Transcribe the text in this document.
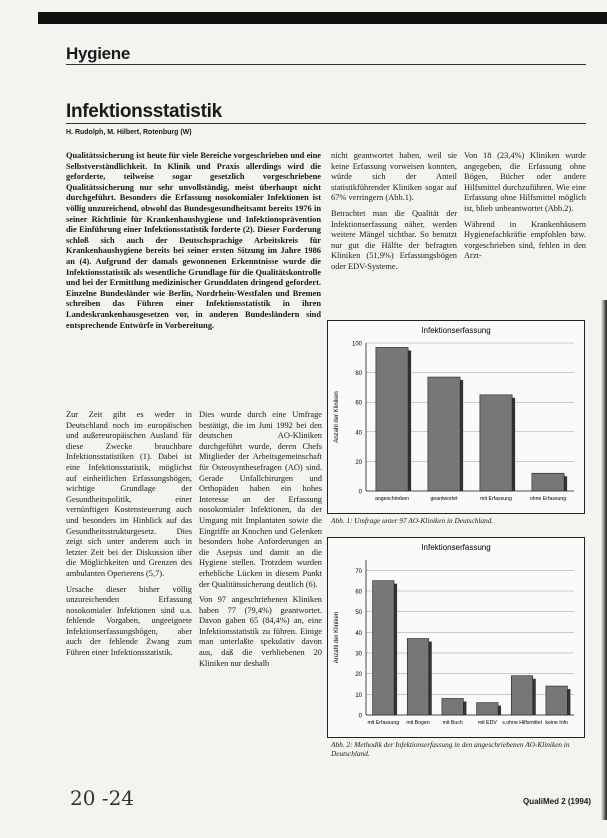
Hygiene
Infektionsstatistik
H. Rudolph, M. Hilbert, Rotenburg (W)
Qualitätssicherung ist heute für viele Bereiche vorgeschrieben und eine Selbstverständlichkeit. In Klinik und Praxis allerdings wird die geforderte, teilweise sogar gesetzlich vorgeschriebene Qualitätssicherung nur sehr unvollständig, meist überhaupt nicht durchgeführt. Besonders die Erfassung nosokomialer Infektionen ist völlig unzureichend, obwohl das Bundesgesundheitsamt bereits 1976 in seiner Richtlinie für Krankenhaushygiene und Infektionsprävention die Einführung einer Infektionsstatistik forderte (2). Dieser Forderung schloß sich auch der Deutschsprachige Arbeitskreis für Krankenhaushygiene bereits bei seiner ersten Sitzung im Jahre 1986 an (4). Aufgrund der damals gewonnenen Erkenntnisse wurde die Infektionsstatistik als wesentliche Grundlage für die Qualitätskontrolle und bei der Ermittlung medizinischer Grunddaten dringend gefordert. Einzelne Bundesländer wie Berlin, Nordrhein-Westfalen und Bremen schreiben das Führen einer Infektionsstatistik in ihren Landeskrankenhausgesetzen vor, in anderen Bundesländern sind entsprechende Entwürfe in Vorbereitung.

Zur Zeit gibt es weder in Deutschland noch im europäischen und außereuropäischen Ausland für diese Zwecke brauchbare Infektionsstatistiken (1). Dabei ist eine Infektionsstatistik, möglichst auf einheitlichen Erfassungsbögen, wichtige Grundlage der Gesundheitspolitik, einer vernünftigen Kostensteuerung auch und besonders im Hinblick auf das Gesundheitsstrukturgesetz. Dies zeigt sich unter anderem auch in letzter Zeit bei der Diskussion über die Möglichkeiten und Grenzen des ambulanten Operierens (5,7).

Ursache dieser bisher völlig unzureichenden Erfassung nosokomialer Infektionen sind u.a. fehlende Vorgaben, ungeeignete Infektionserfassungsbögen, aber auch der fehlende Zwang zum Führen einer Infektionsstatistik.

Dies wurde durch eine Umfrage bestätigt, die im Juni 1992 bei den deutschen AO-Kliniken durchgeführt wurde, deren Chefs Mitglieder der Arbeitsgemeinschaft für Osteosynthesefragen (AO) sind. Gerade Unfallchirurgen und Orthopäden haben ein hohes Interesse an der Erfassung nosokomialer Infektionen, da der Umgang mit Implantaten sowie die Eingriffe an Knochen und Gelenken besonders hohe Anforderungen an die Asepsis und damit an die Hygiene stellen. Trotzdem wurden erhebliche Lücken in diesem Punkt der Qualitätssicherung deutlich (6).

Von 97 angeschriebenen Kliniken haben 77 (79,4%) geantwortet. Davon gaben 65 (84,4%) an, eine Infektionsstatistik zu führen. Einige man unterlaßte spekulativ davon aus, daß die verbliebenen 20 Kliniken nur deshalb

nicht geantwortet haben, weil sie keine Erfassung vorweisen konnten, würde sich der Anteil statistikführender Kliniken sogar auf 67% verringern (Abb.1).

Betrachtet man die Qualität der Infektionserfassung näher, werden weitere Mängel sichtbar. So benutzt nur gut die Hälfte der befragten Kliniken (51,9%) Erfassungsbögen oder EDV-Systeme.

Von 18 (23,4%) Kliniken wurde angegeben, die Erfassung ohne Bögen, Bücher oder andere Hilfsmittel durchzuführen. Wie eine Erfassung ohne Hilfsmittel möglich ist, blieb unbeantwortet (Abb.2).

Während in Krankenhäusern Hygienefachkräfte empfohlen bzw. vorgeschrieben sind, fehlen in den Arzt-

Infektionserfassung
Anzahl der Kliniken
0
20
40
60
80
100
angeschrieben	geantwortet	mit Erfassung	ohne Erfassung
Abb. 1: Umfrage unter 97 AO-Kliniken in Deutschland.
Infektionserfassung
Anzahl der Kliniken
0
10
20
30
40
50
60
70
mit Erfassung mit Bogen mit Buch	mit EDV s.ohne Hilfsmittel keine Info
Abb. 2: Methodik der Infektionserfassung in den angeschriebenen AO-Kliniken in Deutschland.
20 -24	QualiMed 2 (1994)
